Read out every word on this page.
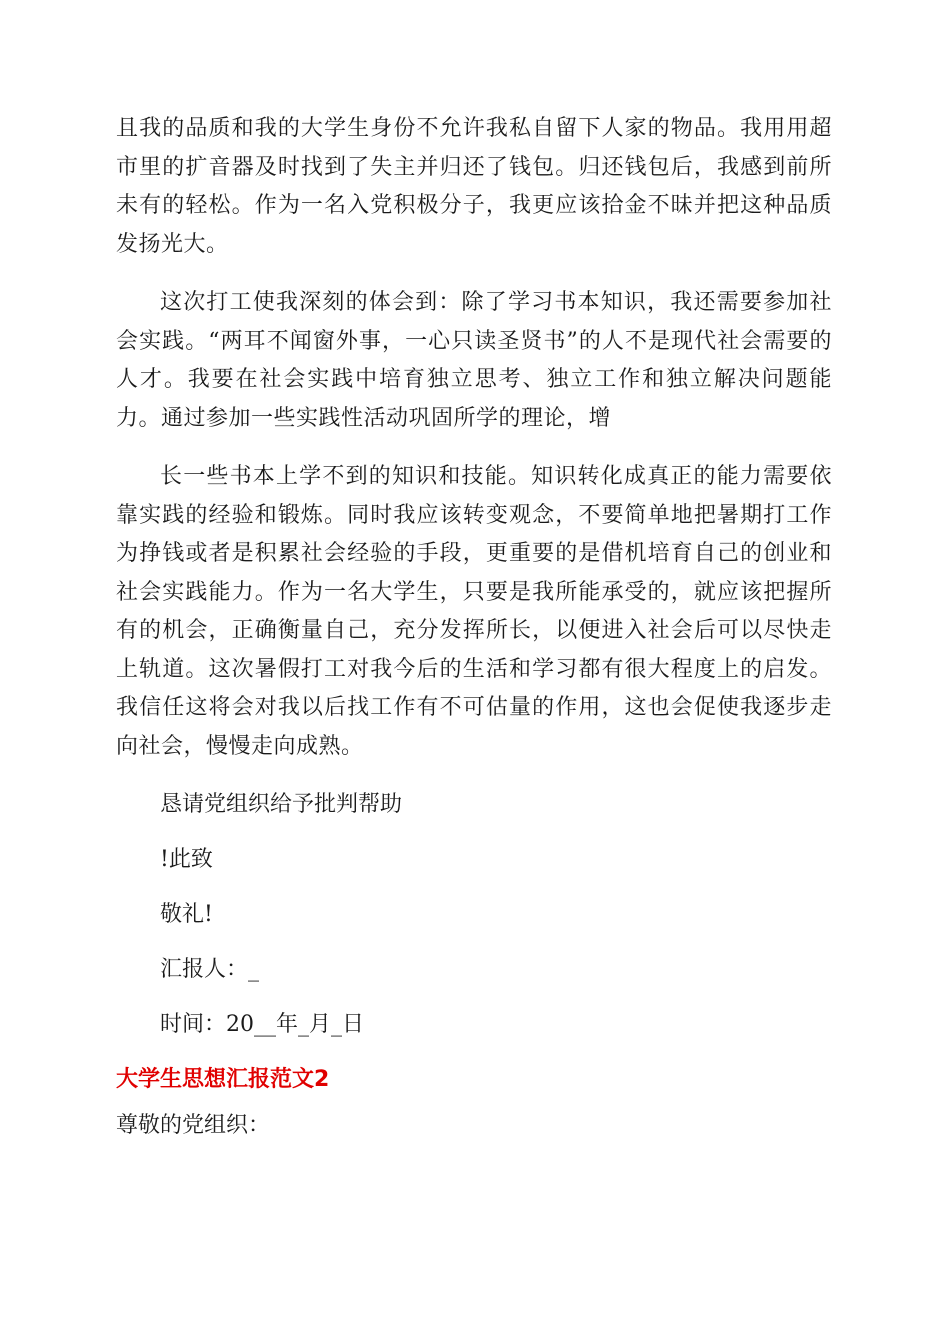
且我的品质和我的大学生身份不允许我私自留下人家的物品。我用用超市里的扩音器及时找到了失主并归还了钱包。归还钱包后，我感到前所未有的轻松。作为一名入党积极分子，我更应该拾金不昧并把这种品质发扬光大。

这次打工使我深刻的体会到：除了学习书本知识，我还需要参加社会实践。“两耳不闻窗外事，一心只读圣贤书”的人不是现代社会需要的人才。我要在社会实践中培育独立思考、独立工作和独立解决问题能力。通过参加一些实践性活动巩固所学的理论，增

长一些书本上学不到的知识和技能。知识转化成真正的能力需要依靠实践的经验和锻炼。同时我应该转变观念，不要简单地把暑期打工作为挣钱或者是积累社会经验的手段，更重要的是借机培育自己的创业和社会实践能力。作为一名大学生，只要是我所能承受的，就应该把握所有的机会，正确衡量自己，充分发挥所长，以便进入社会后可以尽快走上轨道。这次暑假打工对我今后的生活和学习都有很大程度上的启发。我信任这将会对我以后找工作有不可估量的作用，这也会促使我逐步走向社会，慢慢走向成熟。

恳请党组织给予批判帮助

!此致

敬礼!

汇报人：_

时间：20__年_月_日

大学生思想汇报范文2

尊敬的党组织：
